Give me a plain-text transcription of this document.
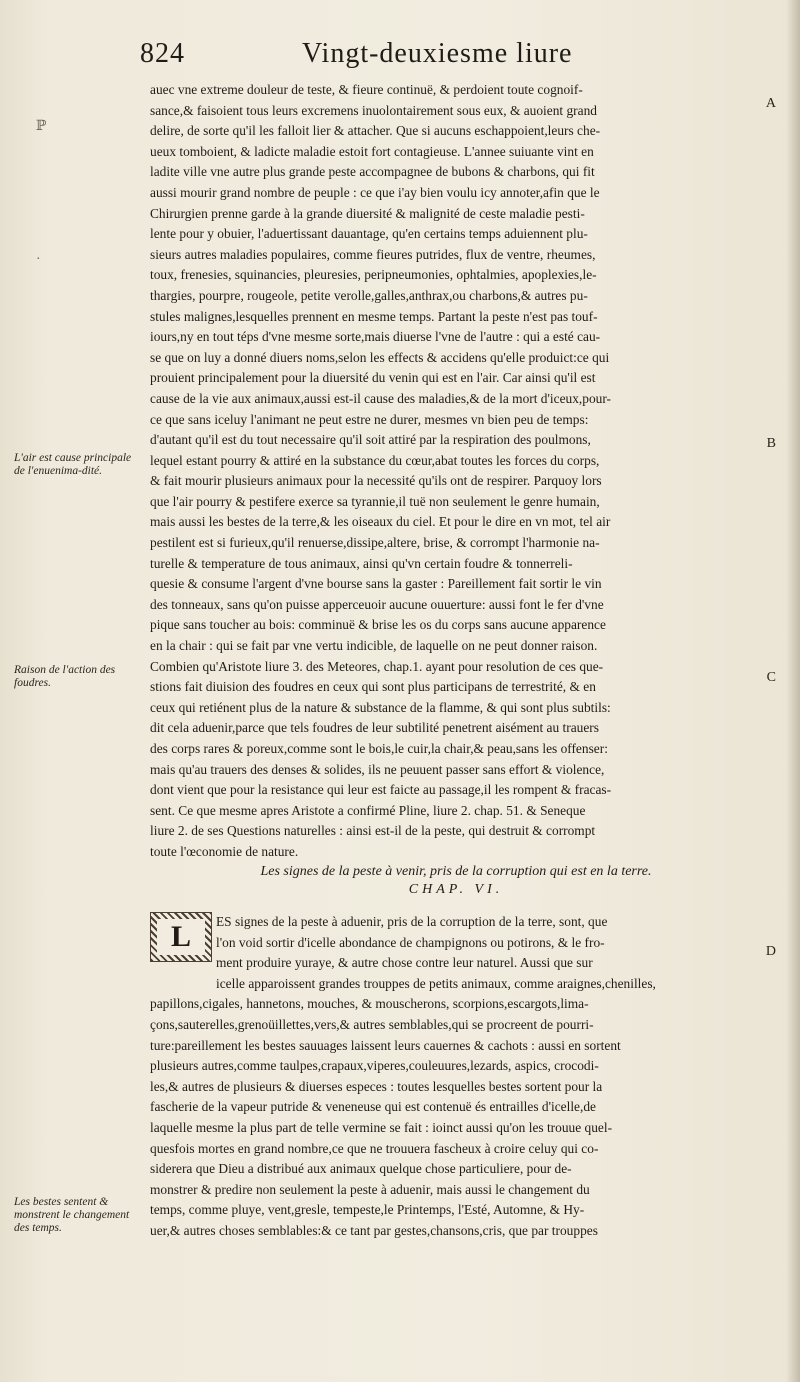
824	Vingt-deuxiesme liure

auec vne extreme douleur de teste, & fieure continuë, & perdoient toute cognoif-

sance,& faisoient tous leurs excremens inuolontairement sous eux, & auoient grand

delire, de sorte qu'il les falloit lier & attacher. Que si aucuns eschappoient,leurs che-

ueux tomboient, & ladicte maladie estoit fort contagieuse. L'annee suiuante vint en

ladite ville vne autre plus grande peste accompagnee de bubons & charbons, qui fit

aussi mourir grand nombre de peuple : ce que i'ay bien voulu icy annoter,afin que le

Chirurgien prenne garde à la grande diuersité & malignité de ceste maladie pesti-

lente pour y obuier, l'aduertissant dauantage, qu'en certains temps aduiennent plu-

sieurs autres maladies populaires, comme fieures putrides, flux de ventre, rheumes,

toux, frenesies, squinancies, pleuresies, peripneumonies, ophtalmies, apoplexies,le-

thargies, pourpre, rougeole, petite verolle,galles,anthrax,ou charbons,& autres pu-

stules malignes,lesquelles prennent en mesme temps. Partant la peste n'est pas touf-

iours,ny en tout téps d'vne mesme sorte,mais diuerse l'vne de l'autre : qui a esté cau-

se que on luy a donné diuers noms,selon les effects & accidens qu'elle produict:ce qui

prouient principalement pour la diuersité du venin qui est en l'air. Car ainsi qu'il est

cause de la vie aux animaux,aussi est-il cause des maladies,& de la mort d'iceux,pour-

ce que sans iceluy l'animant ne peut estre ne durer, mesmes vn bien peu de temps:

d'autant qu'il est du tout necessaire qu'il soit attiré par la respiration des poulmons,

lequel estant pourry & attiré en la substance du cœur,abat toutes les forces du corps,

& fait mourir plusieurs animaux pour la necessité qu'ils ont de respirer. Parquoy lors

que l'air pourry & pestifere exerce sa tyrannie,il tuë non seulement le genre humain,

mais aussi les bestes de la terre,& les oiseaux du ciel. Et pour le dire en vn mot, tel air

pestilent est si furieux,qu'il renuerse,dissipe,altere, brise, & corrompt l'harmonie na-

turelle & temperature de tous animaux, ainsi qu'vn certain foudre & tonnerreli-

quesie & consume l'argent d'vne bourse sans la gaster : Pareillement fait sortir le vin

des tonneaux, sans qu'on puisse apperceuoir aucune ouuerture: aussi font le fer d'vne

pique sans toucher au bois: comminuë & brise les os du corps sans aucune apparence

en la chair : qui se fait par vne vertu indicible, de laquelle on ne peut donner raison.

Combien qu'Aristote liure 3. des Meteores, chap.1. ayant pour resolution de ces que-

stions fait diuision des foudres en ceux qui sont plus participans de terrestrité, & en

ceux qui retiénent plus de la nature & substance de la flamme, & qui sont plus subtils:

dit cela aduenir,parce que tels foudres de leur subtilité penetrent aisément au trauers

des corps rares & poreux,comme sont le bois,le cuir,la chair,& peau,sans les offenser:

mais qu'au trauers des denses & solides, ils ne peuuent passer sans effort & violence,

dont vient que pour la resistance qui leur est faicte au passage,il les rompent & fracas-

sent. Ce que mesme apres Aristote a confirmé Pline, liure 2. chap. 51. & Seneque

liure 2. de ses Questions naturelles : ainsi est-il de la peste, qui destruit & corrompt

toute l'œconomie de nature.

Les signes de la peste à venir, pris de la corruption qui est en la terre.
CHAP. VI.
L	ES signes de la peste à aduenir, pris de la corruption de la terre, sont, que
l'on void sortir d'icelle abondance de champignons ou potirons, & le fro-
ment produire yuraye, & autre chose contre leur naturel. Aussi que sur
icelle apparoissent grandes trouppes de petits animaux, comme araignes,chenilles,
papillons,cigales, hannetons, mouches, & mouscherons, scorpions,escargots,lima-
çons,sauterelles,grenoüillettes,vers,& autres semblables,qui se procreent de pourri-
ture:pareillement les bestes sauuages laissent leurs cauernes & cachots : aussi en sortent
plusieurs autres,comme taulpes,crapaux,viperes,couleuures,lezards, aspics, crocodi-
les,& autres de plusieurs & diuerses especes : toutes lesquelles bestes sortent pour la
fascherie de la vapeur putride & veneneuse qui est contenuë és entrailles d'icelle,de
laquelle mesme la plus part de telle vermine se fait : ioinct aussi qu'on les trouue quel-
quesfois mortes en grand nombre,ce que ne trouuera fascheux à croire celuy qui co-
siderera que Dieu a distribué aux animaux quelque chose particuliere, pour de-
monstrer & predire non seulement la peste à aduenir, mais aussi le changement du
temps, comme pluye, vent,gresle, tempeste,le Printemps, l'Esté, Automne, & Hy-
uer,& autres choses semblables:& ce tant par gestes,chansons,cris, que par trouppes
L'air est cause principale de l'enuenima-dité.
Raison de l'action des foudres.
Les bestes sentent & monstrent le changement des temps.
A
B
C
D
ℙ
·
